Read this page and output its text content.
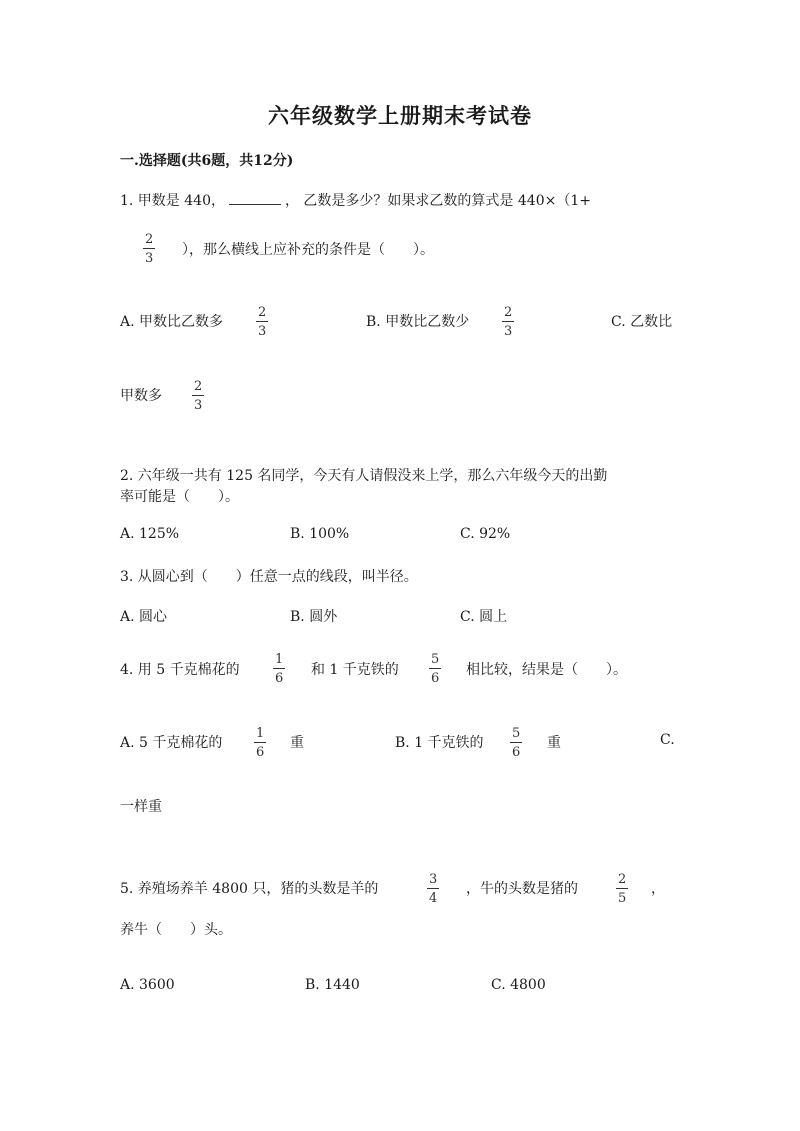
六年级数学上册期末考试卷
一.选择题(共6题，共12分)
1. 甲数是 440，	， 乙数是多少？如果求乙数的算式是 440×（1+
2
3
），那么横线上应补充的条件是（　　）。
A. 甲数比乙数多
2
3
B. 甲数比乙数少
2
3
C. 乙数比
甲数多
2
3
2. 六年级一共有 125 名同学，今天有人请假没来上学，那么六年级今天的出勤
率可能是（　　）。
A. 125%	B. 100%	C. 92%
3. 从圆心到（　　）任意一点的线段，叫半径。
A. 圆心	B. 圆外	C. 圆上
4. 用 5 千克棉花的
1
6
和 1 千克铁的
5
6
相比较，结果是（　　）。
A. 5 千克棉花的
1
6
重	B. 1 千克铁的
5
6
重	C.
一样重
5. 养殖场养羊 4800 只，猪的头数是羊的
3
4
，牛的头数是猪的
2
5
，
养牛（　　）头。
A. 3600	B. 1440	C. 4800
